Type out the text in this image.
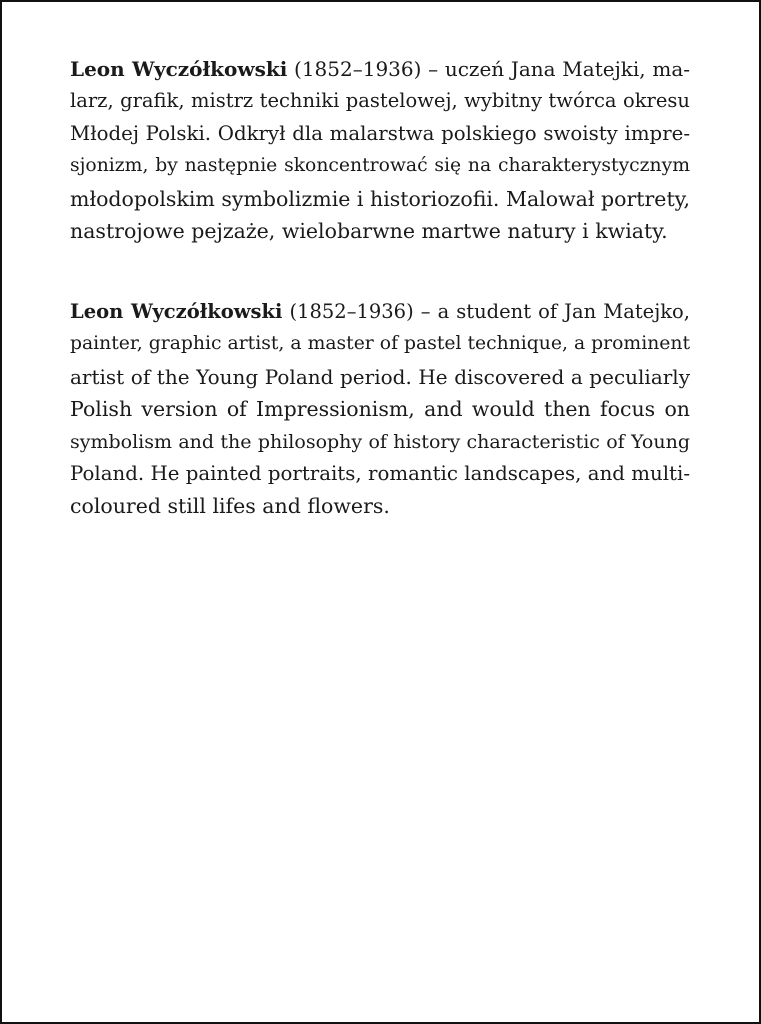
Leon Wyczółkowski (1852–1936) – uczeń Jana Matejki, ma-
larz, grafik, mistrz techniki pastelowej, wybitny twórca okresu
Młodej Polski. Odkrył dla malarstwa polskiego swoisty impre-
sjonizm, by następnie skoncentrować się na charakterystycznym
młodopolskim symbolizmie i historiozofii. Malował portrety,
nastrojowe pejzaże, wielobarwne martwe natury i kwiaty.

Leon Wyczółkowski (1852–1936) – a student of Jan Matejko,
painter, graphic artist, a master of pastel technique, a prominent
artist of the Young Poland period. He discovered a peculiarly
Polish version of Impressionism, and would then focus on
symbolism and the philosophy of history characteristic of Young
Poland. He painted portraits, romantic landscapes, and multi-
coloured still lifes and flowers.
